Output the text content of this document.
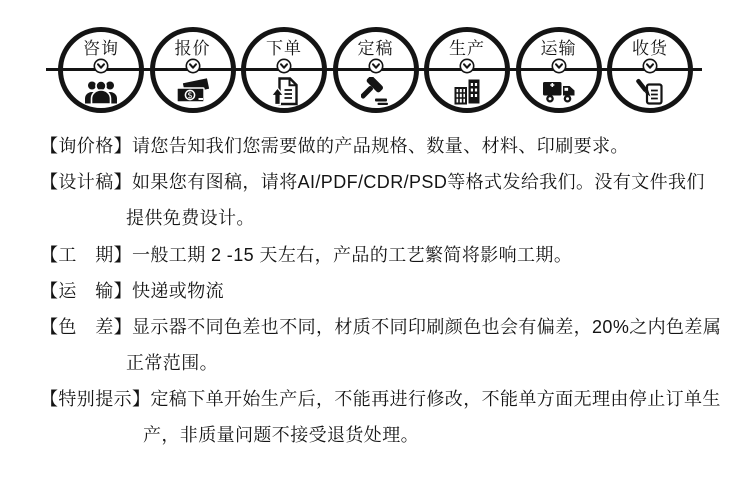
咨询	报价
$
下单	定稿	生产	运输	收货
【询价格】请您告知我们您需要做的产品规格、数量、材料、印刷要求。
【设计稿】如果您有图稿，请将AI/PDF/CDR/PSD等格式发给我们。没有文件我们
提供免费设计。
【工　期】一般工期 2 -15 天左右，产品的工艺繁简将影响工期。
【运　输】快递或物流
【色　差】显示器不同色差也不同，材质不同印刷颜色也会有偏差，20%之内色差属
正常范围。
【特别提示】定稿下单开始生产后，不能再进行修改，不能单方面无理由停止订单生
产，非质量问题不接受退货处理。
